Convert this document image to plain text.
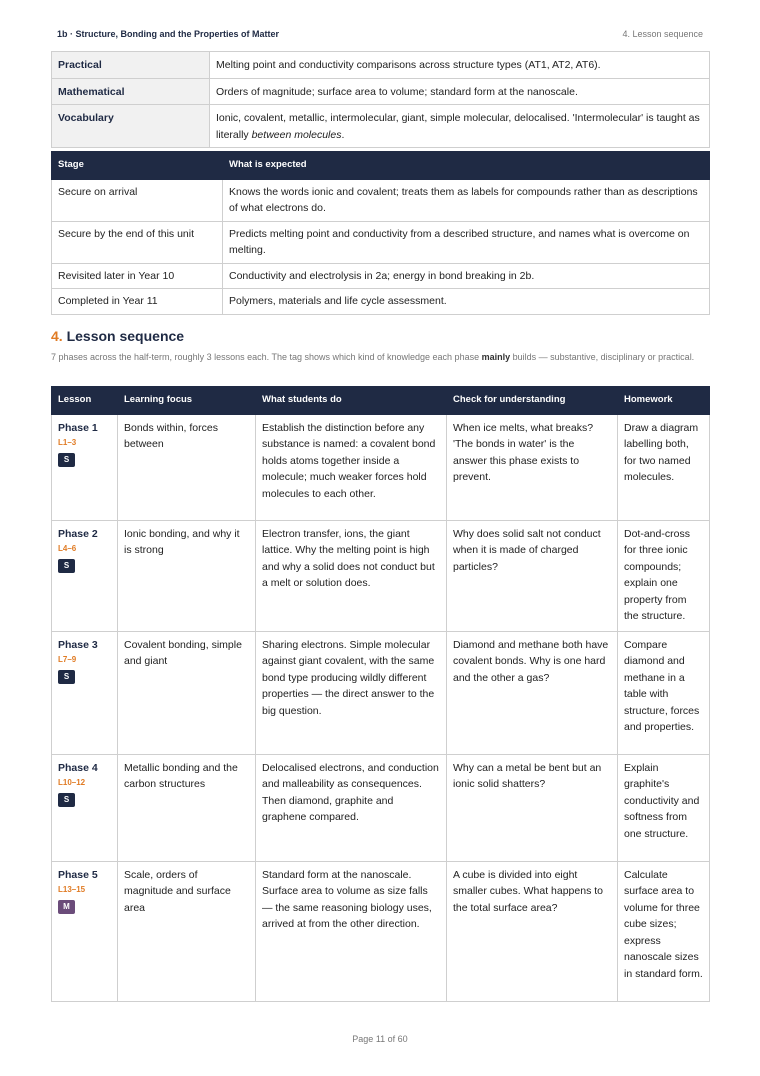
1b · Structure, Bonding and the Properties of Matter	4. Lesson sequence
Practical	Melting point and conductivity comparisons across structure types (AT1, AT2, AT6).
Mathematical	Orders of magnitude; surface area to volume; standard form at the nanoscale.
Vocabulary	Ionic, covalent, metallic, intermolecular, giant, simple molecular, delocalised. 'Intermolecular' is taught as literally between molecules.
Stage	What is expected
Secure on arrival	Knows the words ionic and covalent; treats them as labels for compounds rather than as descriptions of what electrons do.
Secure by the end of this unit	Predicts melting point and conductivity from a described structure, and names what is overcome on melting.
Revisited later in Year 10	Conductivity and electrolysis in 2a; energy in bond breaking in 2b.
Completed in Year 11	Polymers, materials and life cycle assessment.
4. Lesson sequence

7 phases across the half-term, roughly 3 lessons each. The tag shows which kind of knowledge each phase mainly builds — substantive, disciplinary or practical.

Lesson	Learning focus	What students do	Check for understanding	Homework

Phase 1
L1–3
S	Bonds within, forces between	Establish the distinction before any substance is named: a covalent bond holds atoms together inside a molecule; much weaker forces hold molecules to each other.	When ice melts, what breaks? 'The bonds in water' is the answer this phase exists to prevent.	Draw a diagram labelling both, for two named molecules.

Phase 2
L4–6
S	Ionic bonding, and why it is strong	Electron transfer, ions, the giant lattice. Why the melting point is high and why a solid does not conduct but a melt or solution does.	Why does solid salt not conduct when it is made of charged particles?	Dot-and-cross for three ionic compounds; explain one property from the structure.

Phase 3
L7–9
S	Covalent bonding, simple and giant	Sharing electrons. Simple molecular against giant covalent, with the same bond type producing wildly different properties — the direct answer to the big question.	Diamond and methane both have covalent bonds. Why is one hard and the other a gas?	Compare diamond and methane in a table with structure, forces and properties.

Phase 4
L10–12
S	Metallic bonding and the carbon structures	Delocalised electrons, and conduction and malleability as consequences. Then diamond, graphite and graphene compared.	Why can a metal be bent but an ionic solid shatters?	Explain graphite's conductivity and softness from one structure.

Phase 5
L13–15
M	Scale, orders of magnitude and surface area	Standard form at the nanoscale. Surface area to volume as size falls — the same reasoning biology uses, arrived at from the other direction.	A cube is divided into eight smaller cubes. What happens to the total surface area?	Calculate surface area to volume for three cube sizes; express nanoscale sizes in standard form.
Page 11 of 60
